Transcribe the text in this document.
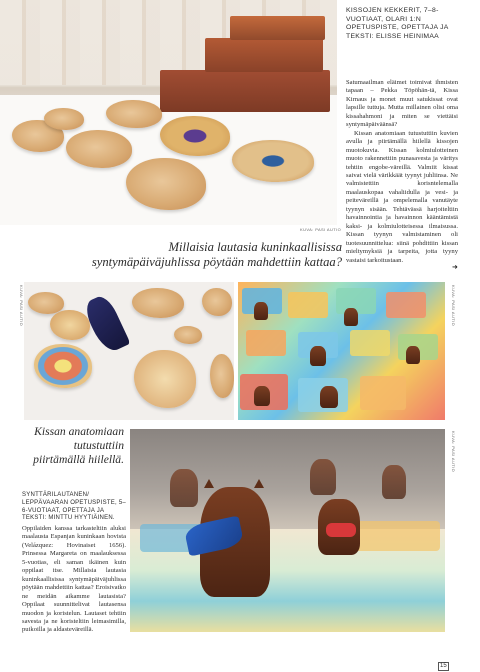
KUVA: PASI AUTIO
KUVA: PASI AUTIO	KUVA: PASI AUTIO
KUVA: PASI AUTIO
KISSOJEN KEKKERIT, 7–8-VUOTIAAT, OLARI 1:N OPETUSPISTE, OPETTAJA JA TEKSTI: ELISSE HEINIMAA

Satumaailman eläimet toimivat ihmisten tapaan – Pekka Töpöhän-tä, Kissa Kirnaus ja monet muut satukissat ovat lapsille tuttuja. Mutta millainen olisi oma kissahahmoni ja miten se viettäisi syntymäpäiväänsä?

Kissan anatomiaan tutustuttiin kuvien avulla ja piirtämällä hiilellä kissojen muotokuvia. Kissan kolmiulotteinen muoto rakennettiin punasavesta ja väritys tehtiin engobe-väreillä. Valmiit kissat saivat vielä värikkäät tyynyt juhliinsa. Ne valmistettiin korisntelemalla maalauskopaa vahaliidulla ja vesi- ja peiteväreillä ja ompelemalla vanutäyte tyynyn sisään. Tehtävässä harjoiteltiin havainnointia ja havainnon kääntämistä kaksi- ja kolmiulotteisessa ilmaisussa. Kissan tyynyn valmistaminen oli tuotesuunnittelua: siinä pohdittiin kissan mieltymyksiä ja tarpeita, jotta tyyny vastaisi tarkoitustaan.

➜
Millaisia lautasia kuninkaallisissa syntymäpäiväjuhlissa pöytään mahdettiin kattaa?
Kissan anatomiaan tutustuttiin piirtämällä hiilellä.
SYNTTÄRILAUTANEN/ LEPPÄVAARAN OPETUSPISTE, 5–6-VUOTIAAT, OPETTAJA JA TEKSTI: MINTTU HYYTIÄINEN.

Oppilaiden kanssa tarkasteltiin aluksi maalausta Espanjan kuninkaan hovista (Velázquez: Hovinaiset 1656). Prinsessa Margareta on maalauksessa 5-vuotias, eli saman ikäinen kuin oppilaat itse. Millaisia lautasia kuninkaallisissa syntymäpäiväjuhlissa pöytään mahdettiin kattaa? Eroisivatko ne meidän aikamme lautasista? Oppilaat suunnittelivat lautasensa muodon ja koristelun. Lautaset tehtiin savesta ja ne koristeltiin leimasimilla, puikoilla ja aldasteväreillä.

15
